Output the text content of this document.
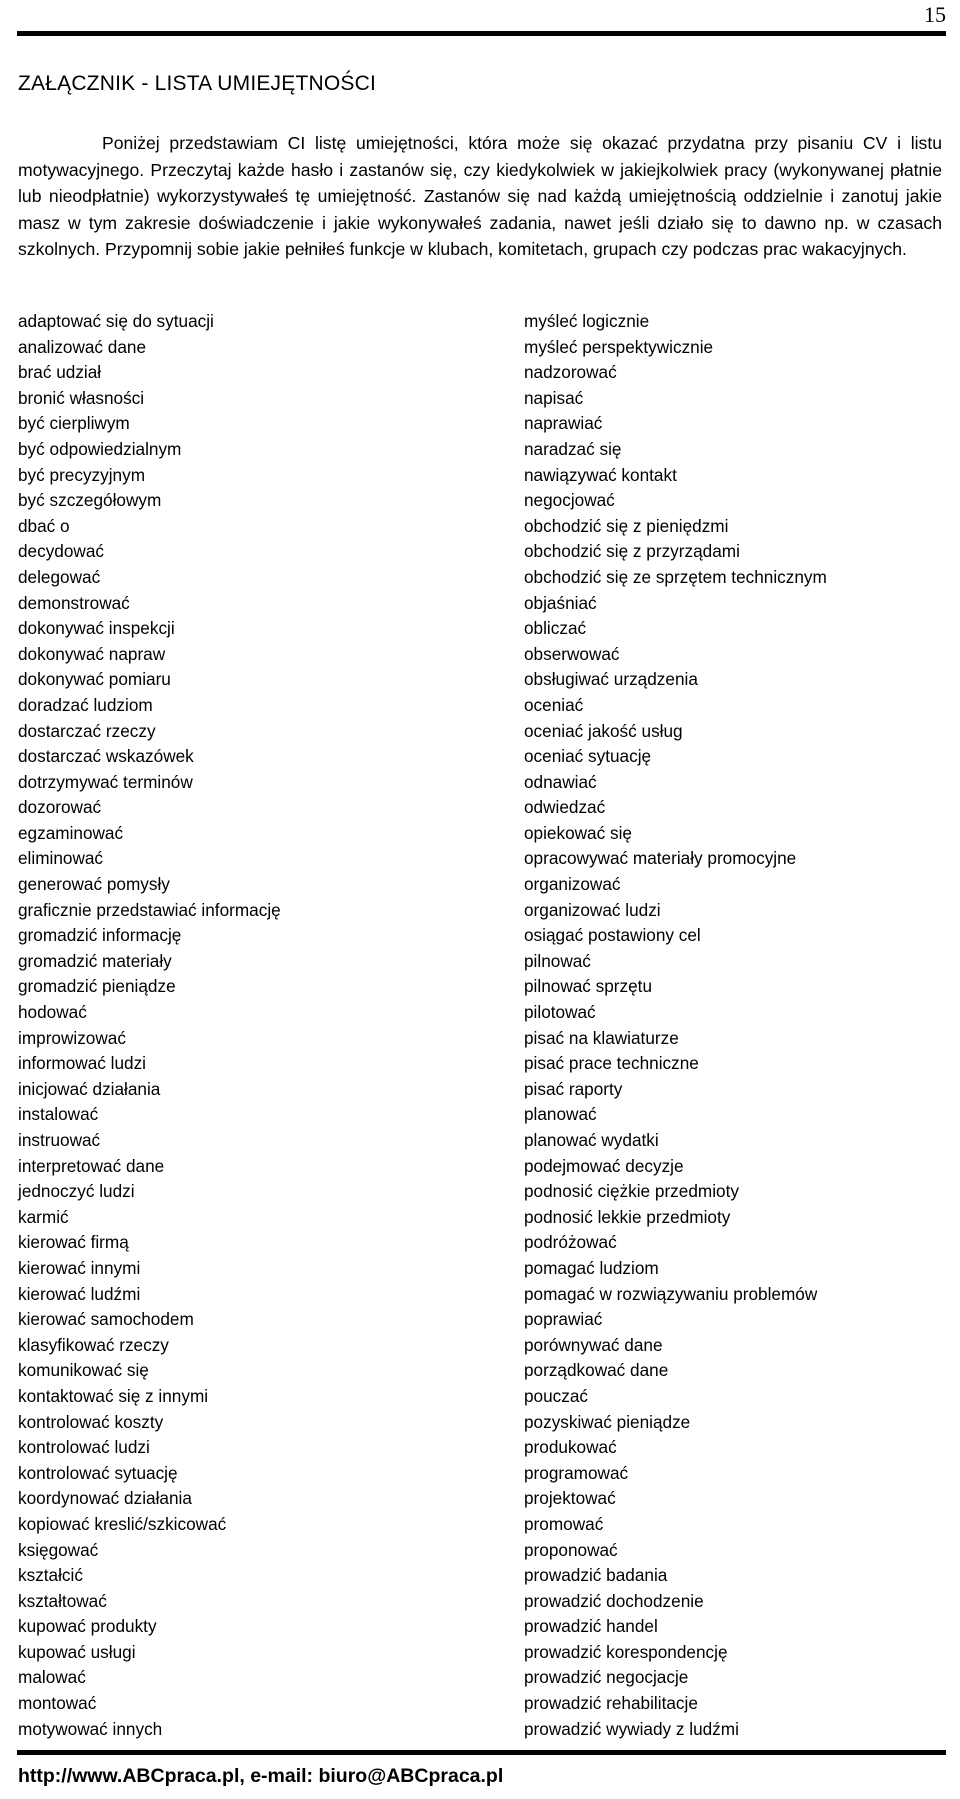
15
ZAŁĄCZNIK - LISTA UMIEJĘTNOŚCI

Poniżej przedstawiam CI listę umiejętności, która może się okazać przydatna przy pisaniu CV i listu motywacyjnego. Przeczytaj każde hasło i zastanów się, czy kiedykolwiek w jakiejkolwiek pracy (wykonywanej płatnie lub nieodpłatnie) wykorzystywałeś tę umiejętność. Zastanów się nad każdą umiejętnością oddzielnie i zanotuj jakie masz w tym zakresie doświadczenie i jakie wykonywałeś zadania, nawet jeśli działo się to dawno np. w czasach szkolnych. Przypomnij sobie jakie pełniłeś funkcje w klubach, komitetach, grupach czy podczas prac wakacyjnych.

adaptować się do sytuacji
analizować dane
brać udział
bronić własności
być cierpliwym
być odpowiedzialnym
być precyzyjnym
być szczegółowym
dbać o
decydować
delegować
demonstrować
dokonywać inspekcji
dokonywać napraw
dokonywać pomiaru
doradzać ludziom
dostarczać rzeczy
dostarczać wskazówek
dotrzymywać terminów
dozorować
egzaminować
eliminować
generować pomysły
graficznie przedstawiać informację
gromadzić informację
gromadzić materiały
gromadzić pieniądze
hodować
improwizować
informować ludzi
inicjować działania
instalować
instruować
interpretować dane
jednoczyć ludzi
karmić
kierować firmą
kierować innymi
kierować ludźmi
kierować samochodem
klasyfikować rzeczy
komunikować się
kontaktować się z innymi
kontrolować koszty
kontrolować ludzi
kontrolować sytuację
koordynować działania
kopiować kreslić/szkicować
księgować
kształcić
kształtować
kupować produkty
kupować usługi
malować
montować
motywować innych
myśleć logicznie
myśleć perspektywicznie
nadzorować
napisać
naprawiać
naradzać się
nawiązywać kontakt
negocjować
obchodzić się z pieniędzmi
obchodzić się z przyrządami
obchodzić się ze sprzętem technicznym
objaśniać
obliczać
obserwować
obsługiwać urządzenia
oceniać
oceniać jakość usług
oceniać sytuację
odnawiać
odwiedzać
opiekować się
opracowywać materiały promocyjne
organizować
organizować ludzi
osiągać postawiony cel
pilnować
pilnować sprzętu
pilotować
pisać na klawiaturze
pisać prace techniczne
pisać raporty
planować
planować wydatki
podejmować decyzje
podnosić ciężkie przedmioty
podnosić lekkie przedmioty
podróżować
pomagać ludziom
pomagać w rozwiązywaniu problemów
poprawiać
porównywać dane
porządkować dane
pouczać
pozyskiwać pieniądze
produkować
programować
projektować
promować
proponować
prowadzić badania
prowadzić dochodzenie
prowadzić handel
prowadzić korespondencję
prowadzić negocjacje
prowadzić rehabilitacje
prowadzić wywiady z ludźmi
http://www.ABCpraca.pl, e-mail: biuro@ABCpraca.pl
